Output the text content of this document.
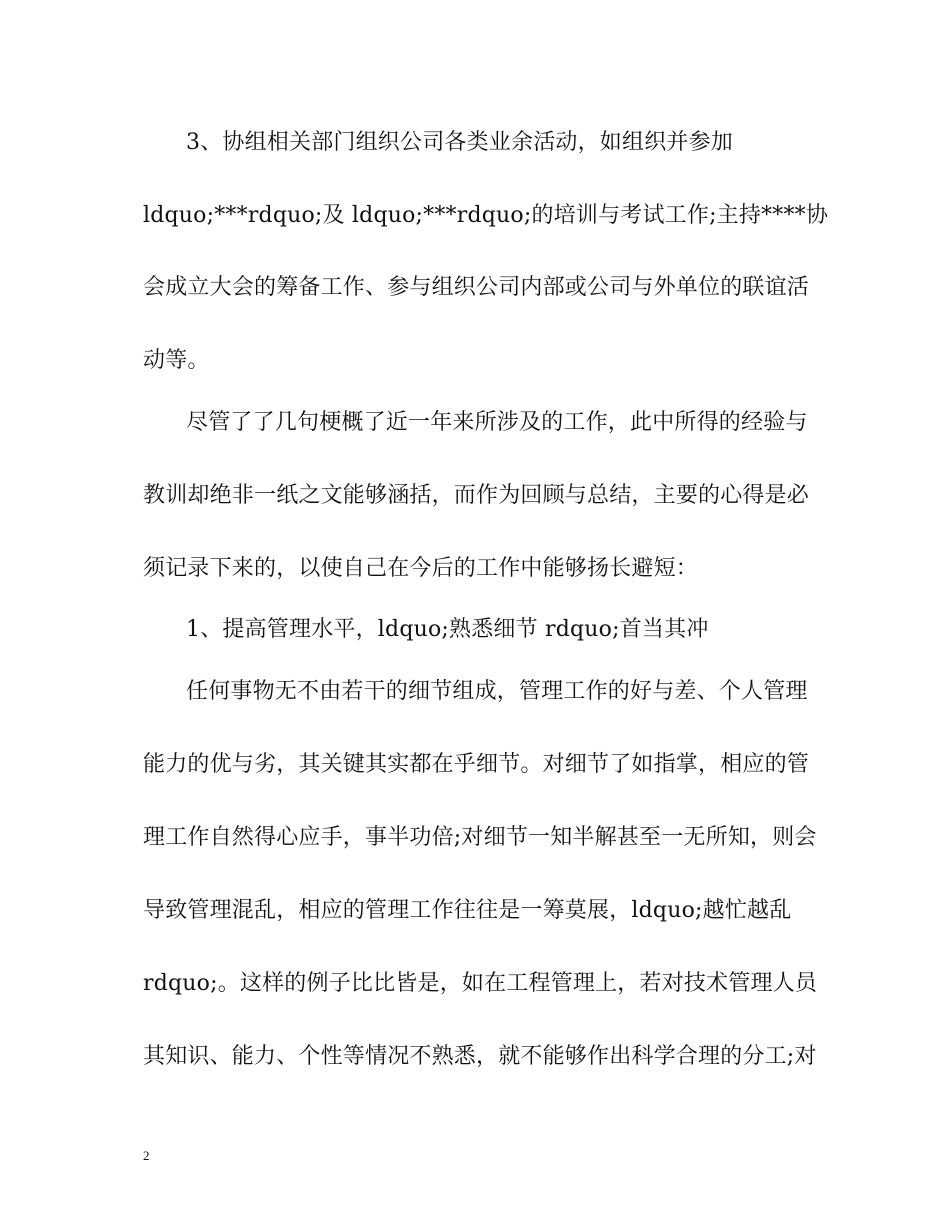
3、协组相关部门组织公司各类业余活动，如组织并参加
ldquo;***rdquo;及 ldquo;***rdquo;的培训与考试工作;主持****协
会成立大会的筹备工作、参与组织公司内部或公司与外单位的联谊活
动等。
尽管了了几句梗概了近一年来所涉及的工作，此中所得的经验与
教训却绝非一纸之文能够涵括，而作为回顾与总结，主要的心得是必
须记录下来的，以使自己在今后的工作中能够扬长避短：
1、提高管理水平，ldquo;熟悉细节 rdquo;首当其冲
任何事物无不由若干的细节组成，管理工作的好与差、个人管理
能力的优与劣，其关键其实都在乎细节。对细节了如指掌，相应的管
理工作自然得心应手，事半功倍;对细节一知半解甚至一无所知，则会
导致管理混乱，相应的管理工作往往是一筹莫展，ldquo;越忙越乱
rdquo;。这样的例子比比皆是，如在工程管理上，若对技术管理人员
其知识、能力、个性等情况不熟悉，就不能够作出科学合理的分工;对
2
